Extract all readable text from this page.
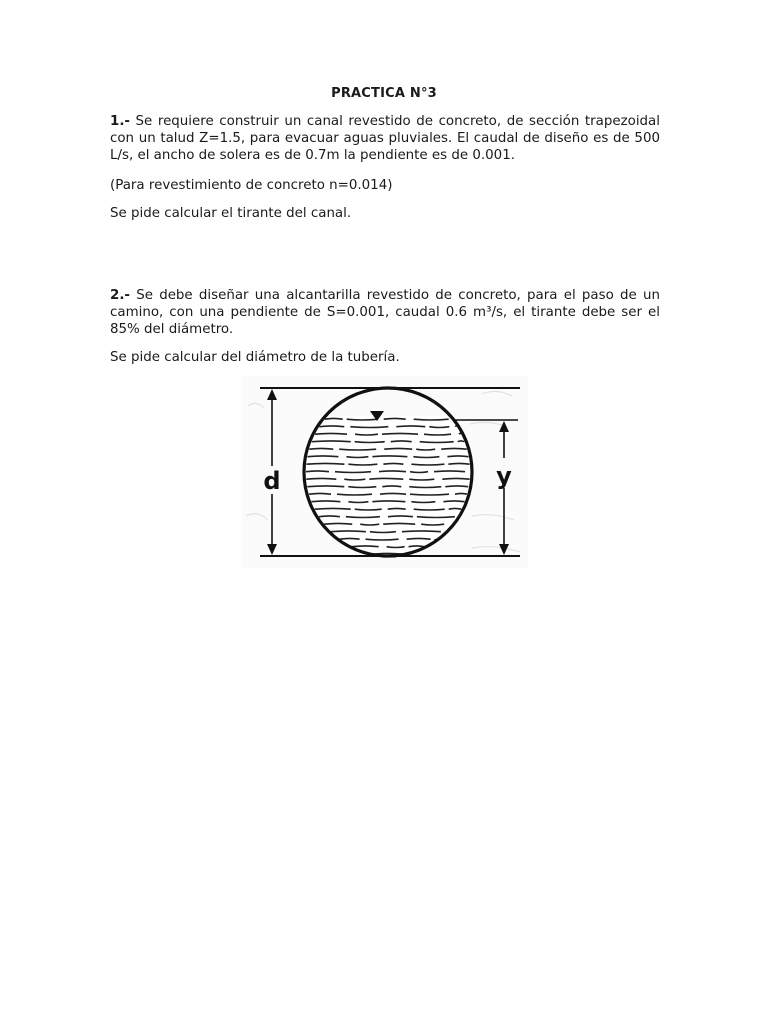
PRACTICA N°3

1.- Se requiere construir un canal revestido de concreto, de sección trapezoidal con un talud Z=1.5, para evacuar aguas pluviales. El caudal de diseño es de 500 L/s, el ancho de solera es de 0.7m la pendiente es de 0.001.

(Para revestimiento de concreto n=0.014)

Se pide calcular el tirante del canal.

2.- Se debe diseñar una alcantarilla revestido de concreto, para el paso de un camino, con una pendiente de S=0.001, caudal 0.6 m³/s, el tirante debe ser el 85% del diámetro.

Se pide calcular del diámetro de la tubería.

d	y
